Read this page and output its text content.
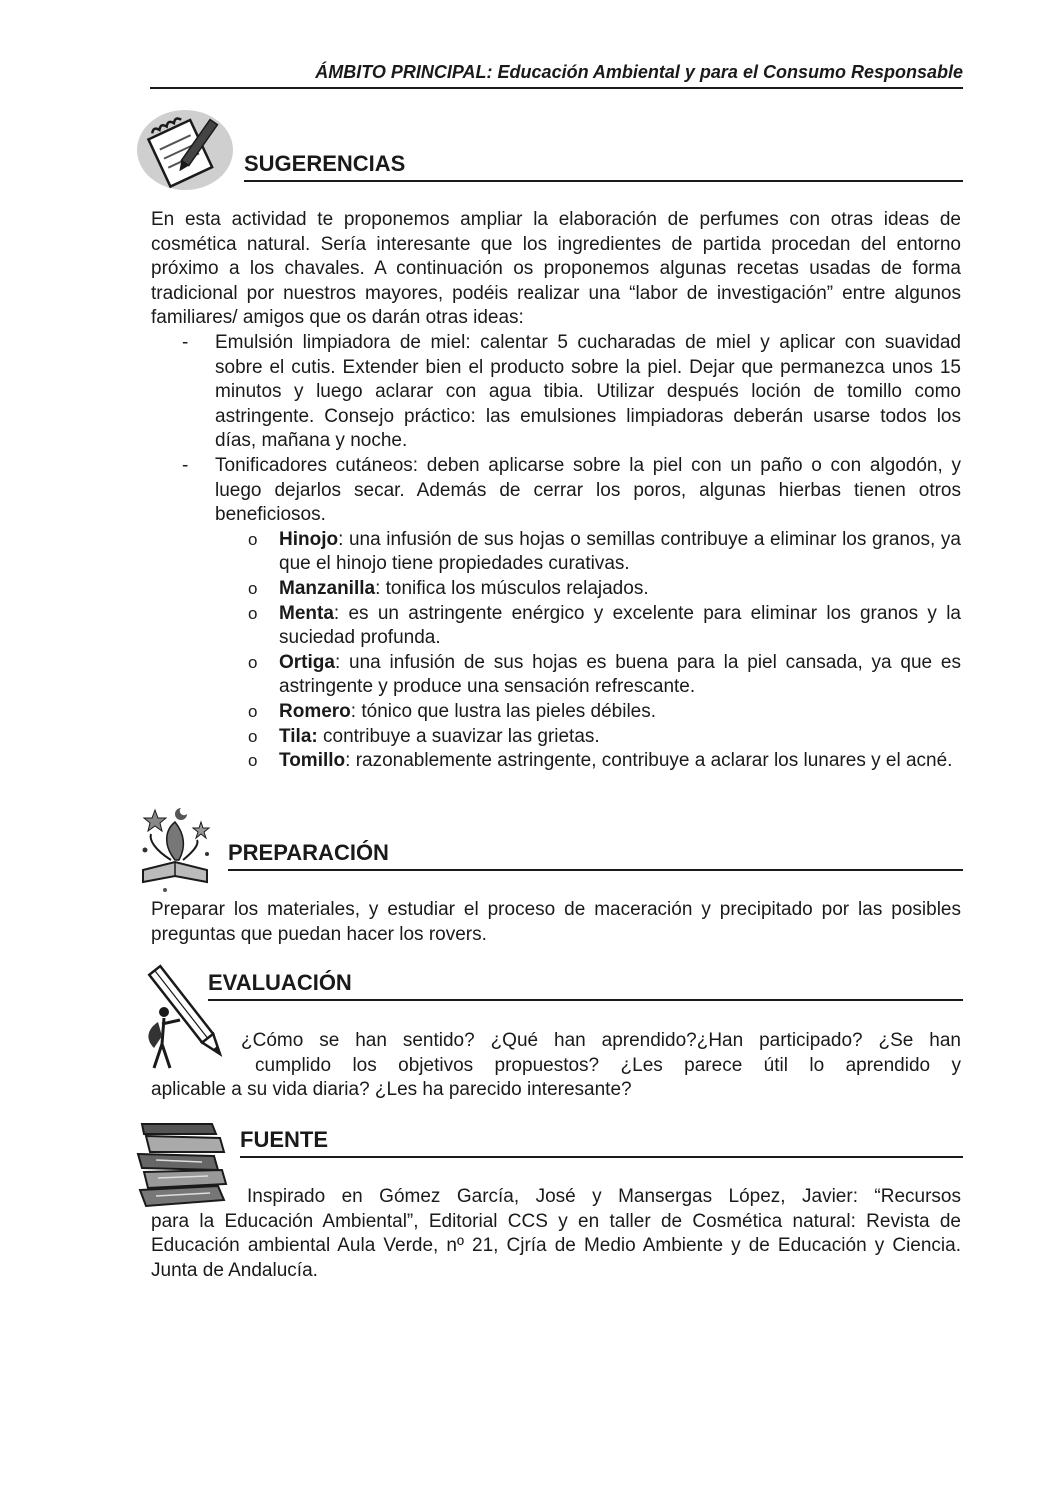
ÁMBITO PRINCIPAL: Educación Ambiental y para el Consumo Responsable
SUGERENCIAS
En esta actividad te proponemos ampliar la elaboración de perfumes con otras ideas de cosmética natural. Sería interesante que los ingredientes de partida procedan del entorno próximo a los chavales. A continuación os proponemos algunas recetas usadas de forma tradicional por nuestros mayores, podéis realizar una “labor de investigación” entre algunos familiares/ amigos que os darán otras ideas:
- Emulsión limpiadora de miel: calentar 5 cucharadas de miel y aplicar con suavidad sobre el cutis. Extender bien el producto sobre la piel. Dejar que permanezca unos 15 minutos y luego aclarar con agua tibia. Utilizar después loción de tomillo como astringente. Consejo práctico: las emulsiones limpiadoras deberán usarse todos los días, mañana y noche.
- Tonificadores cutáneos: deben aplicarse sobre la piel con un paño o con algodón, y luego dejarlos secar. Además de cerrar los poros, algunas hierbas tienen otros beneficiosos.
o Hinojo: una infusión de sus hojas o semillas contribuye a eliminar los granos, ya que el hinojo tiene propiedades curativas.
o Manzanilla: tonifica los músculos relajados.
o Menta: es un astringente enérgico y excelente para eliminar los granos y la suciedad profunda.
o Ortiga: una infusión de sus hojas es buena para la piel cansada, ya que es astringente y produce una sensación refrescante.
o Romero: tónico que lustra las pieles débiles.
o Tila: contribuye a suavizar las grietas.
o Tomillo: razonablemente astringente, contribuye a aclarar los lunares y el acné.
PREPARACIÓN
Preparar los materiales, y estudiar el proceso de maceración y precipitado por las posibles preguntas que puedan hacer los rovers.
EVALUACIÓN
¿Cómo se han sentido? ¿Qué han aprendido?¿Han participado? ¿Se han
cumplido los objetivos propuestos? ¿Les parece útil lo aprendido y
aplicable a su vida diaria? ¿Les ha parecido interesante?
FUENTE
Inspirado en Gómez García, José y Mansergas López, Javier: “Recursos
para la Educación Ambiental”, Editorial CCS y en taller de Cosmética natural: Revista de Educación ambiental Aula Verde, nº 21, Cjría de Medio Ambiente y de Educación y Ciencia. Junta de Andalucía.
